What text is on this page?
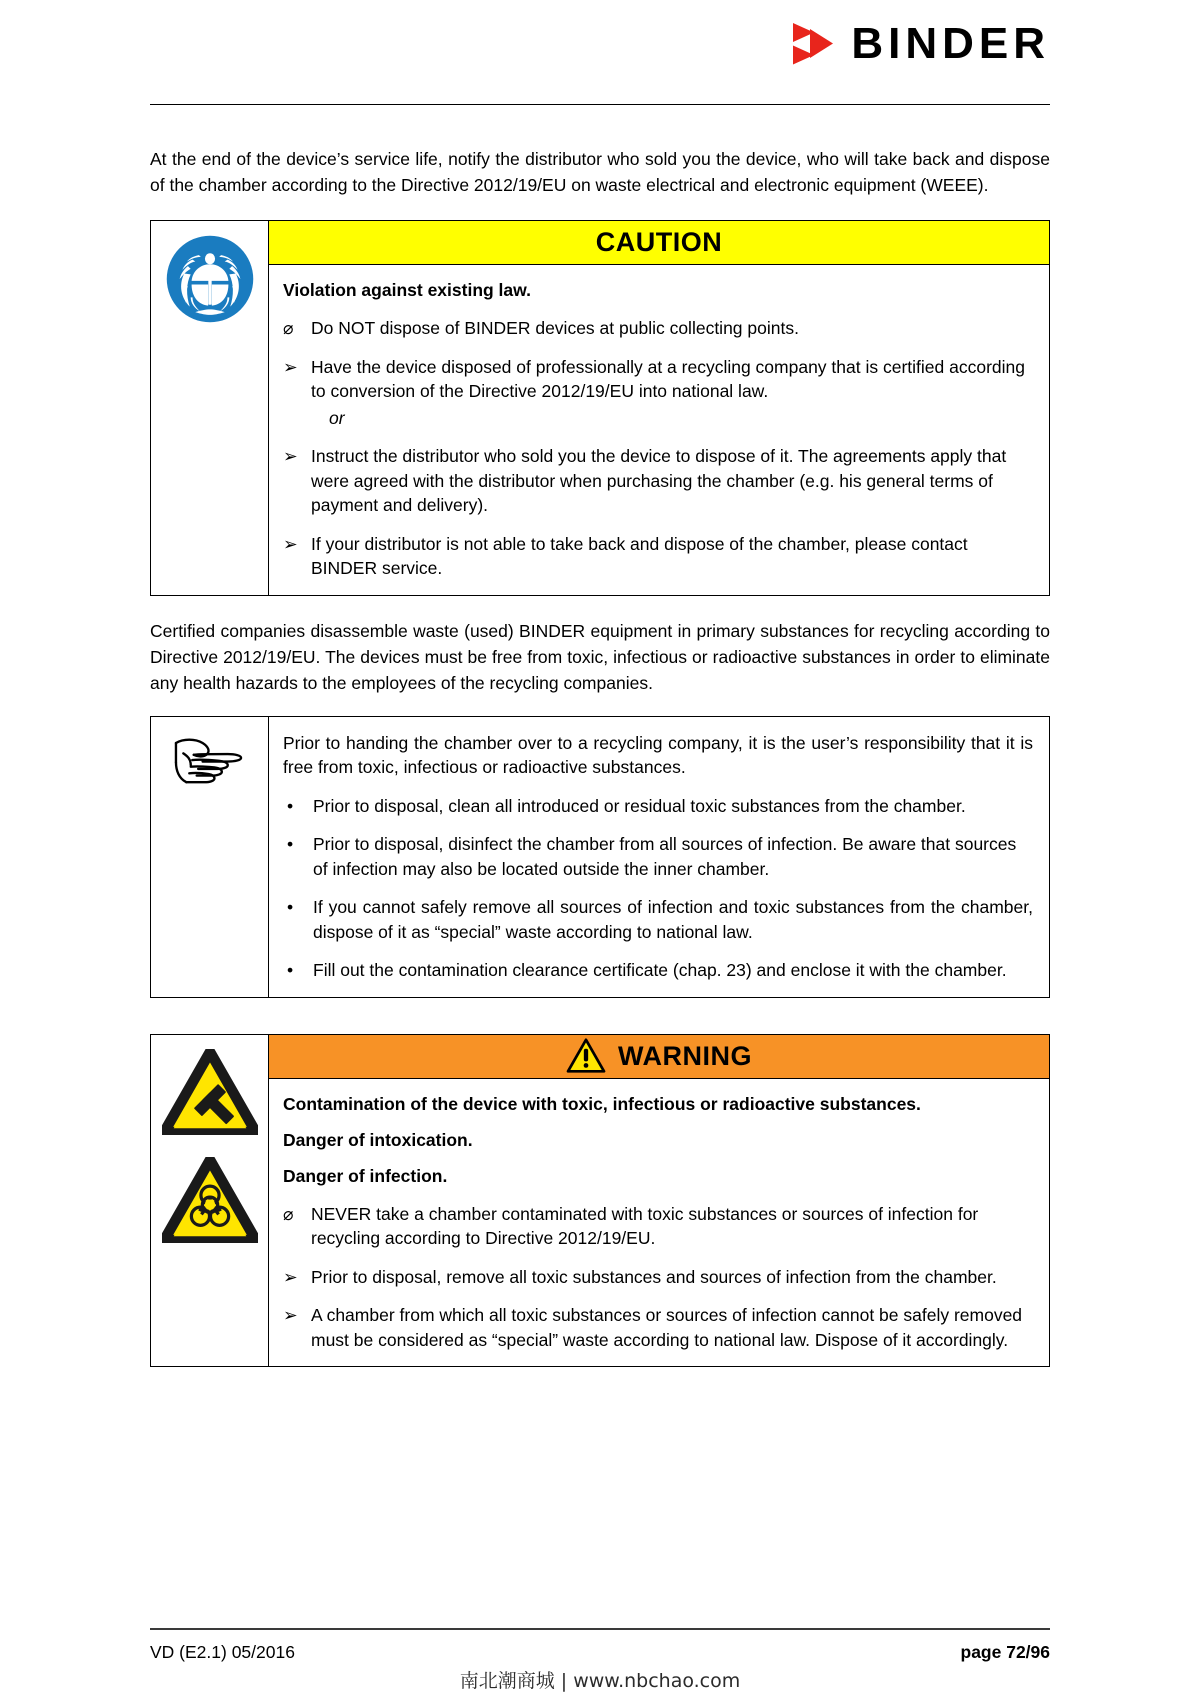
BINDER

At the end of the device’s service life, notify the distributor who sold you the device, who will take back and dispose of the chamber according to the Directive 2012/19/EU on waste electrical and electronic equipment (WEEE).

CAUTION

Violation against existing law.

⌀ Do NOT dispose of BINDER devices at public collecting points.
➢ Have the device disposed of professionally at a recycling company that is certified according to conversion of the Directive 2012/19/EU into national law.
or
➢ Instruct the distributor who sold you the device to dispose of it. The agreements apply that were agreed with the distributor when purchasing the chamber (e.g. his general terms of payment and delivery).
➢ If your distributor is not able to take back and dispose of the chamber, please contact BINDER service.

Certified companies disassemble waste (used) BINDER equipment in primary substances for recycling according to Directive 2012/19/EU. The devices must be free from toxic, infectious or radioactive substances in order to eliminate any health hazards to the employees of the recycling companies.

Prior to handing the chamber over to a recycling company, it is the user’s responsibility that it is free from toxic, infectious or radioactive substances.

•	Prior to disposal, clean all introduced or residual toxic substances from the chamber.
•	Prior to disposal, disinfect the chamber from all sources of infection. Be aware that sources of infection may also be located outside the inner chamber.
•	If you cannot safely remove all sources of infection and toxic substances from the chamber, dispose of it as “special” waste according to national law.
•	Fill out the contamination clearance certificate (chap. 23) and enclose it with the chamber.
WARNING

Contamination of the device with toxic, infectious or radioactive substances.

Danger of intoxication.

Danger of infection.

⌀ NEVER take a chamber contaminated with toxic substances or sources of infection for recycling according to Directive 2012/19/EU.
➢ Prior to disposal, remove all toxic substances and sources of infection from the chamber.
➢ A chamber from which all toxic substances or sources of infection cannot be safely removed must be considered as “special” waste according to national law. Dispose of it accordingly.
VD (E2.1) 05/2016	page 72/96
南北潮商城 | www.nbchao.com
